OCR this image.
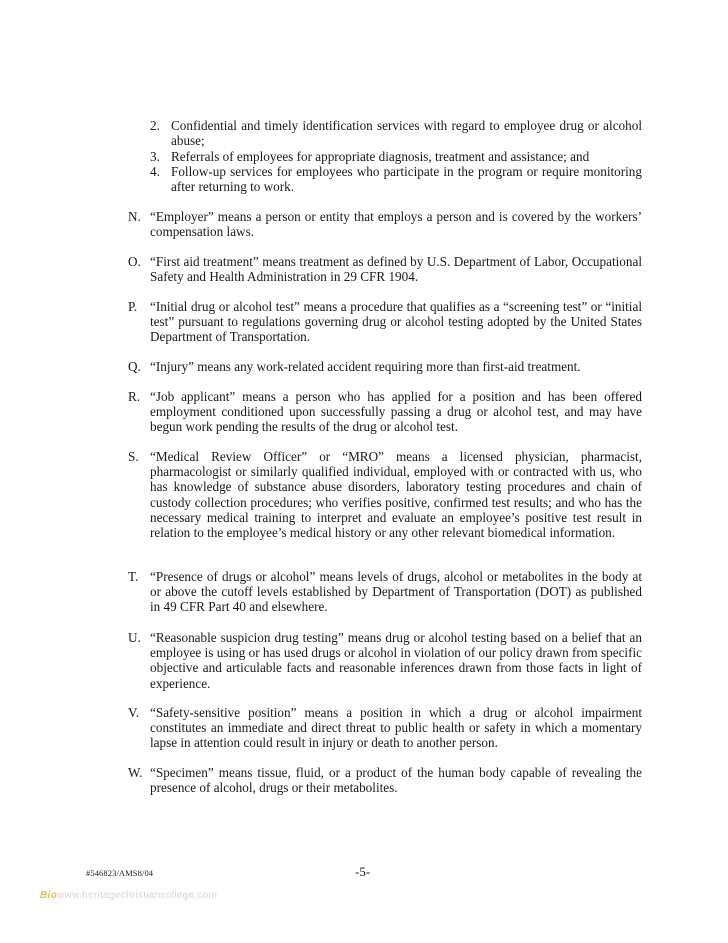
2. Confidential and timely identification services with regard to employee drug or alcohol abuse;
3. Referrals of employees for appropriate diagnosis, treatment and assistance; and
4. Follow-up services for employees who participate in the program or require monitoring after returning to work.
N. “Employer” means a person or entity that employs a person and is covered by the workers’ compensation laws.
O. “First aid treatment” means treatment as defined by U.S. Department of Labor, Occupational Safety and Health Administration in 29 CFR 1904.
P. “Initial drug or alcohol test” means a procedure that qualifies as a “screening test” or “initial test” pursuant to regulations governing drug or alcohol testing adopted by the United States Department of Transportation.
Q. “Injury” means any work-related accident requiring more than first-aid treatment.
R. “Job applicant” means a person who has applied for a position and has been offered employment conditioned upon successfully passing a drug or alcohol test, and may have begun work pending the results of the drug or alcohol test.
S. “Medical Review Officer” or “MRO” means a licensed physician, pharmacist, pharmacologist or similarly qualified individual, employed with or contracted with us, who has knowledge of substance abuse disorders, laboratory testing procedures and chain of custody collection procedures; who verifies positive, confirmed test results; and who has the necessary medical training to interpret and evaluate an employee’s positive test result in relation to the employee’s medical history or any other relevant biomedical information.
T. “Presence of drugs or alcohol” means levels of drugs, alcohol or metabolites in the body at or above the cutoff levels established by Department of Transportation (DOT) as published in 49 CFR Part 40 and elsewhere.
U. “Reasonable suspicion drug testing” means drug or alcohol testing based on a belief that an employee is using or has used drugs or alcohol in violation of our policy drawn from specific objective and articulable facts and reasonable inferences drawn from those facts in light of experience.
V. “Safety-sensitive position” means a position in which a drug or alcohol impairment constitutes an immediate and direct threat to public health or safety in which a momentary lapse in attention could result in injury or death to another person.
W. “Specimen” means tissue, fluid, or a product of the human body capable of revealing the presence of alcohol, drugs or their metabolites.
#546823/AMS8/04	-5-
Biowww.heritagechristiancollege.com
